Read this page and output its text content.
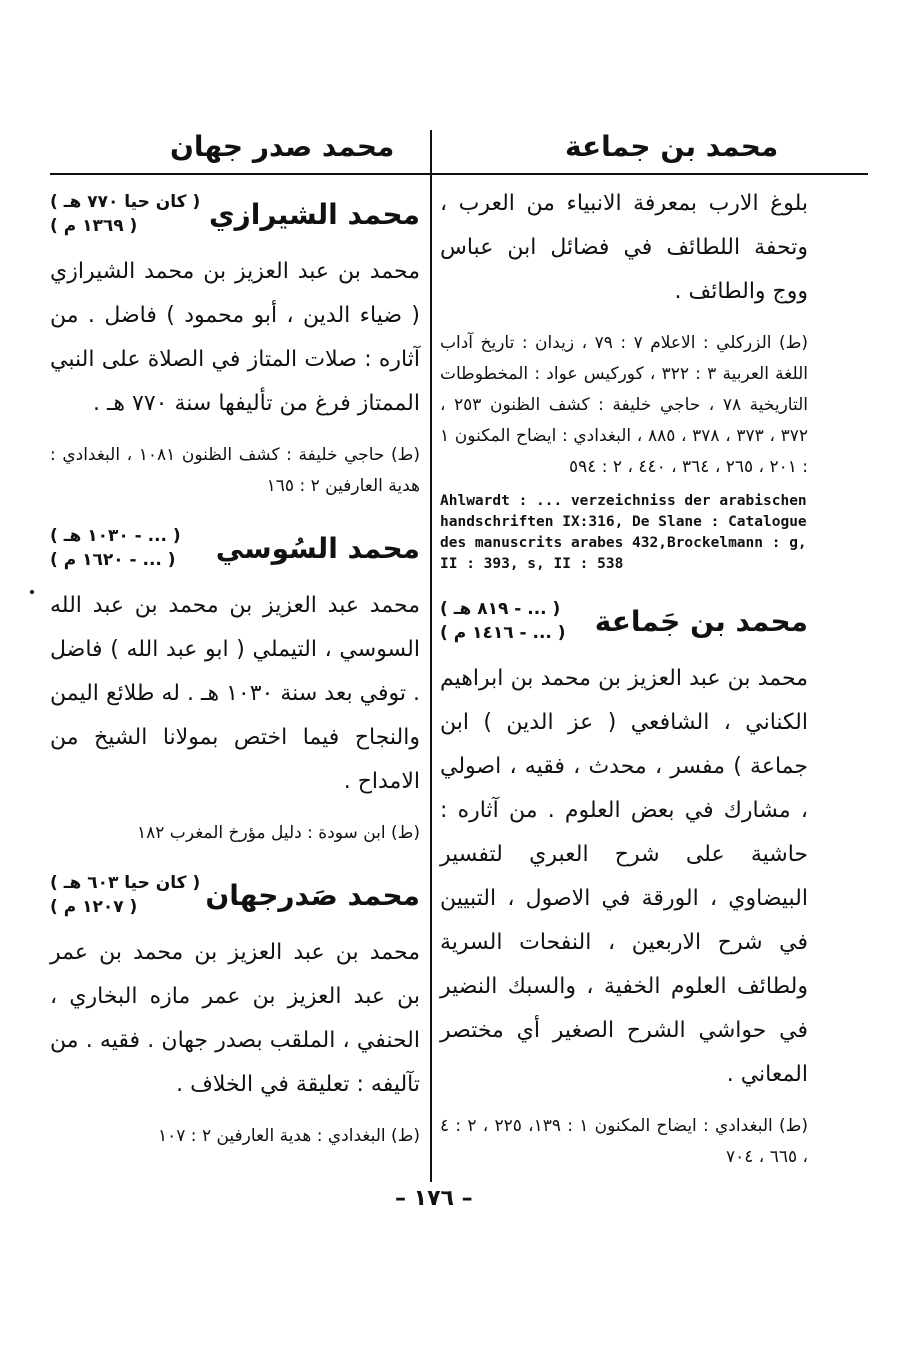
محمد بن جماعة
محمد صدر جهان

بلوغ الارب بمعرفة الانبياء من العرب ، وتحفة اللطائف في فضائل ابن عباس ووج والطائف .

(ط) الزركلي : الاعلام ٧ : ٧٩ ، زيدان : تاريخ آداب اللغة العربية ٣ : ٣٢٢ ، كوركيس عواد : المخطوطات التاريخية ٧٨ ، حاجي خليفة : كشف الظنون ٢٥٣ ، ٣٧٢ ، ٣٧٣ ، ٣٧٨ ، ٨٨٥ ، البغدادي : ايضاح المكنون ١ : ٢٠١ ، ٢٦٥ ، ٣٦٤ ، ٤٤٠ ، ٢ : ٥٩٤

Ahlwardt : ... verzeichniss der arabischen handschriften IX:316, De Slane : Catalogue des manuscrits arabes 432,Brockelmann : g, II : 393, s, II : 538

محمد بن جَماعة
( ... - ٨١٩ هـ )
( ... - ١٤١٦ م )

محمد بن عبد العزيز بن محمد بن ابراهيم الكناني ، الشافعي ( عز الدين ) ابن جماعة ) مفسر ، محدث ، فقيه ، اصولي ، مشارك في بعض العلوم . من آثاره : حاشية على شرح العبري لتفسير البيضاوي ، الورقة في الاصول ، التبيين في شرح الاربعين ، النفحات السرية ولطائف العلوم الخفية ، والسبك النضير في حواشي الشرح الصغير أي مختصر المعاني .

(ط) البغدادي : ايضاح المكنون ١ : ١٣٩، ٢٢٥ ، ٢ : ٤ ، ٦٦٥ ، ٧٠٤

محمد الشيرازي
( كان حيا ٧٧٠ هـ )
( ١٣٦٩ م )

محمد بن عبد العزيز بن محمد الشيرازي ( ضياء الدين ، أبو محمود ) فاضل . من آثاره : صلات المتاز في الصلاة على النبي الممتاز فرغ من تأليفها سنة ٧٧٠ هـ .

(ط) حاجي خليفة : كشف الظنون ١٠٨١ ، البغدادي : هدية العارفين ٢ : ١٦٥

محمد السُوسي
( ... - ١٠٣٠ هـ )
( ... - ١٦٢٠ م )

محمد عبد العزيز بن محمد بن عبد الله السوسي ، التيملي ( ابو عبد الله ) فاضل . توفي بعد سنة ١٠٣٠ هـ . له طلائع اليمن والنجاح فيما اختص بمولانا الشيخ من الامداح .

(ط) ابن سودة : دليل مؤرخ المغرب ١٨٢

محمد صَدرجهان
( كان حيا ٦٠٣ هـ )
( ١٢٠٧ م )

محمد بن عبد العزيز بن محمد بن عمر بن عبد العزيز بن عمر مازه البخاري ، الحنفي ، الملقب بصدر جهان . فقيه . من تآليفه : تعليقة في الخلاف .

(ط) البغدادي : هدية العارفين ٢ : ١٠٧

– ١٧٦ –
